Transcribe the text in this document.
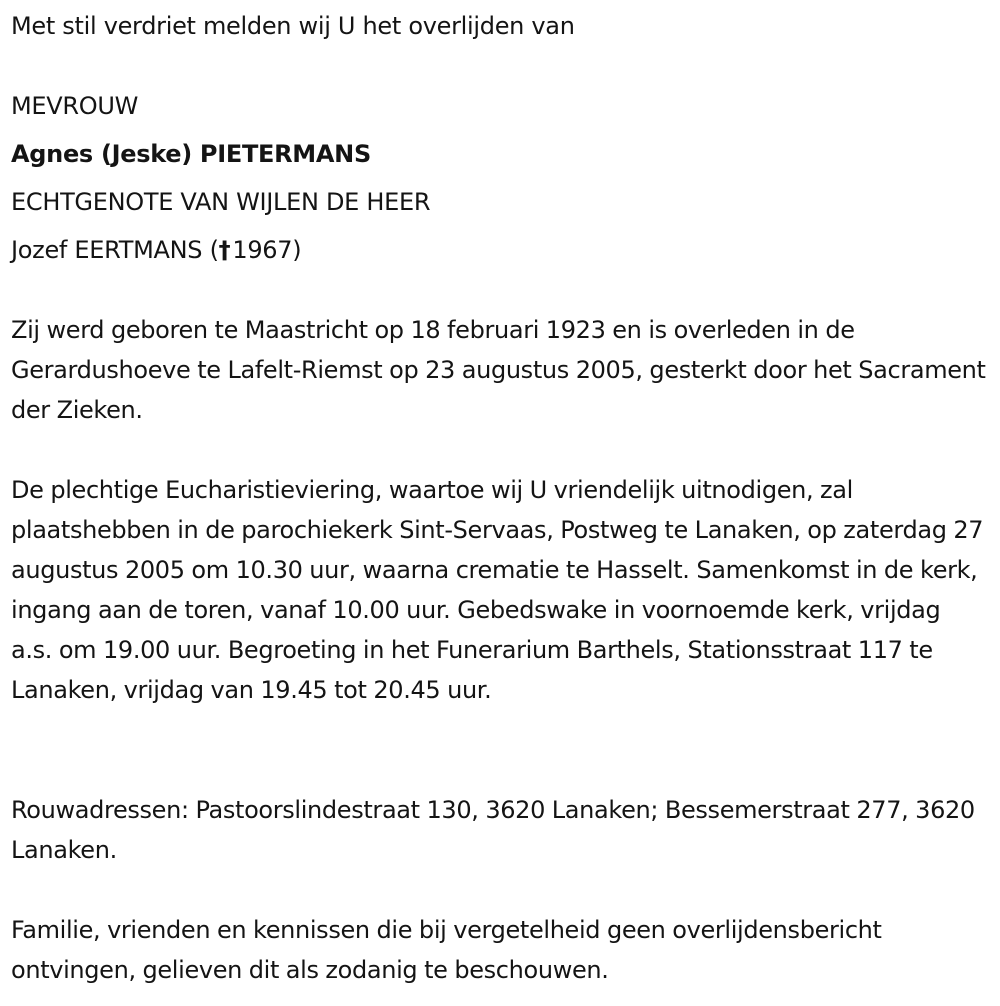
Met stil verdriet melden wij U het overlijden van
MEVROUW
Agnes (Jeske) PIETERMANS
ECHTGENOTE VAN WIJLEN DE HEER
Jozef EERTMANS (†1967)

Zij werd geboren te Maastricht op 18 februari 1923 en is overleden in de Gerardushoeve te Lafelt-Riemst op 23 augustus 2005, gesterkt door het Sacrament der Zieken.

De plechtige Eucharistieviering, waartoe wij U vriendelijk uitnodigen, zal plaatshebben in de parochiekerk Sint-Servaas, Postweg te Lanaken, op zaterdag 27 augustus 2005 om 10.30 uur, waarna crematie te Hasselt. Samenkomst in de kerk, ingang aan de toren, vanaf 10.00 uur. Gebedswake in voornoemde kerk, vrijdag a.s. om 19.00 uur. Begroeting in het Funerarium Barthels, Stationsstraat 117 te Lanaken, vrijdag van 19.45 tot 20.45 uur.

Rouwadressen: Pastoorslindestraat 130, 3620 Lanaken; Bessemerstraat 277, 3620 Lanaken.

Familie, vrienden en kennissen die bij vergetelheid geen overlijdensbericht ontvingen, gelieven dit als zodanig te beschouwen.
